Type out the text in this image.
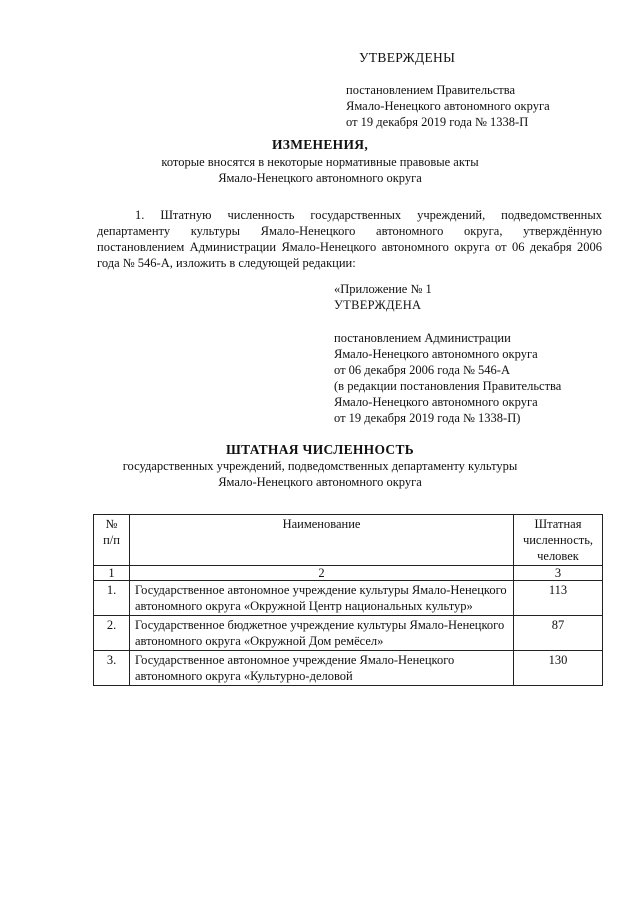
УТВЕРЖДЕНЫ
постановлением Правительства
Ямало-Ненецкого автономного округа
от 19 декабря 2019 года № 1338-П
ИЗМЕНЕНИЯ,
которые вносятся в некоторые нормативные правовые акты
Ямало-Ненецкого автономного округа
1. Штатную численность государственных учреждений, подведомственных департаменту культуры Ямало-Ненецкого автономного округа, утверждённую постановлением Администрации Ямало-Ненецкого автономного округа от 06 декабря 2006 года № 546-А, изложить в следующей редакции:
«Приложение № 1
УТВЕРЖДЕНА
постановлением Администрации
Ямало-Ненецкого автономного округа
от 06 декабря 2006 года № 546-А
(в редакции постановления Правительства
Ямало-Ненецкого автономного округа
от 19 декабря 2019 года № 1338-П)
ШТАТНАЯ ЧИСЛЕННОСТЬ
государственных учреждений, подведомственных департаменту культуры
Ямало-Ненецкого автономного округа
№ п/п	Наименование	Штатная численность, человек
1	2	3
1.	Государственное автономное учреждение культуры Ямало-Ненецкого автономного округа «Окружной Центр национальных культур»	113
2.	Государственное бюджетное учреждение культуры Ямало-Ненецкого автономного округа «Окружной Дом ремёсел»	87
3.	Государственное автономное учреждение Ямало-Ненецкого автономного округа «Культурно-деловой	130
